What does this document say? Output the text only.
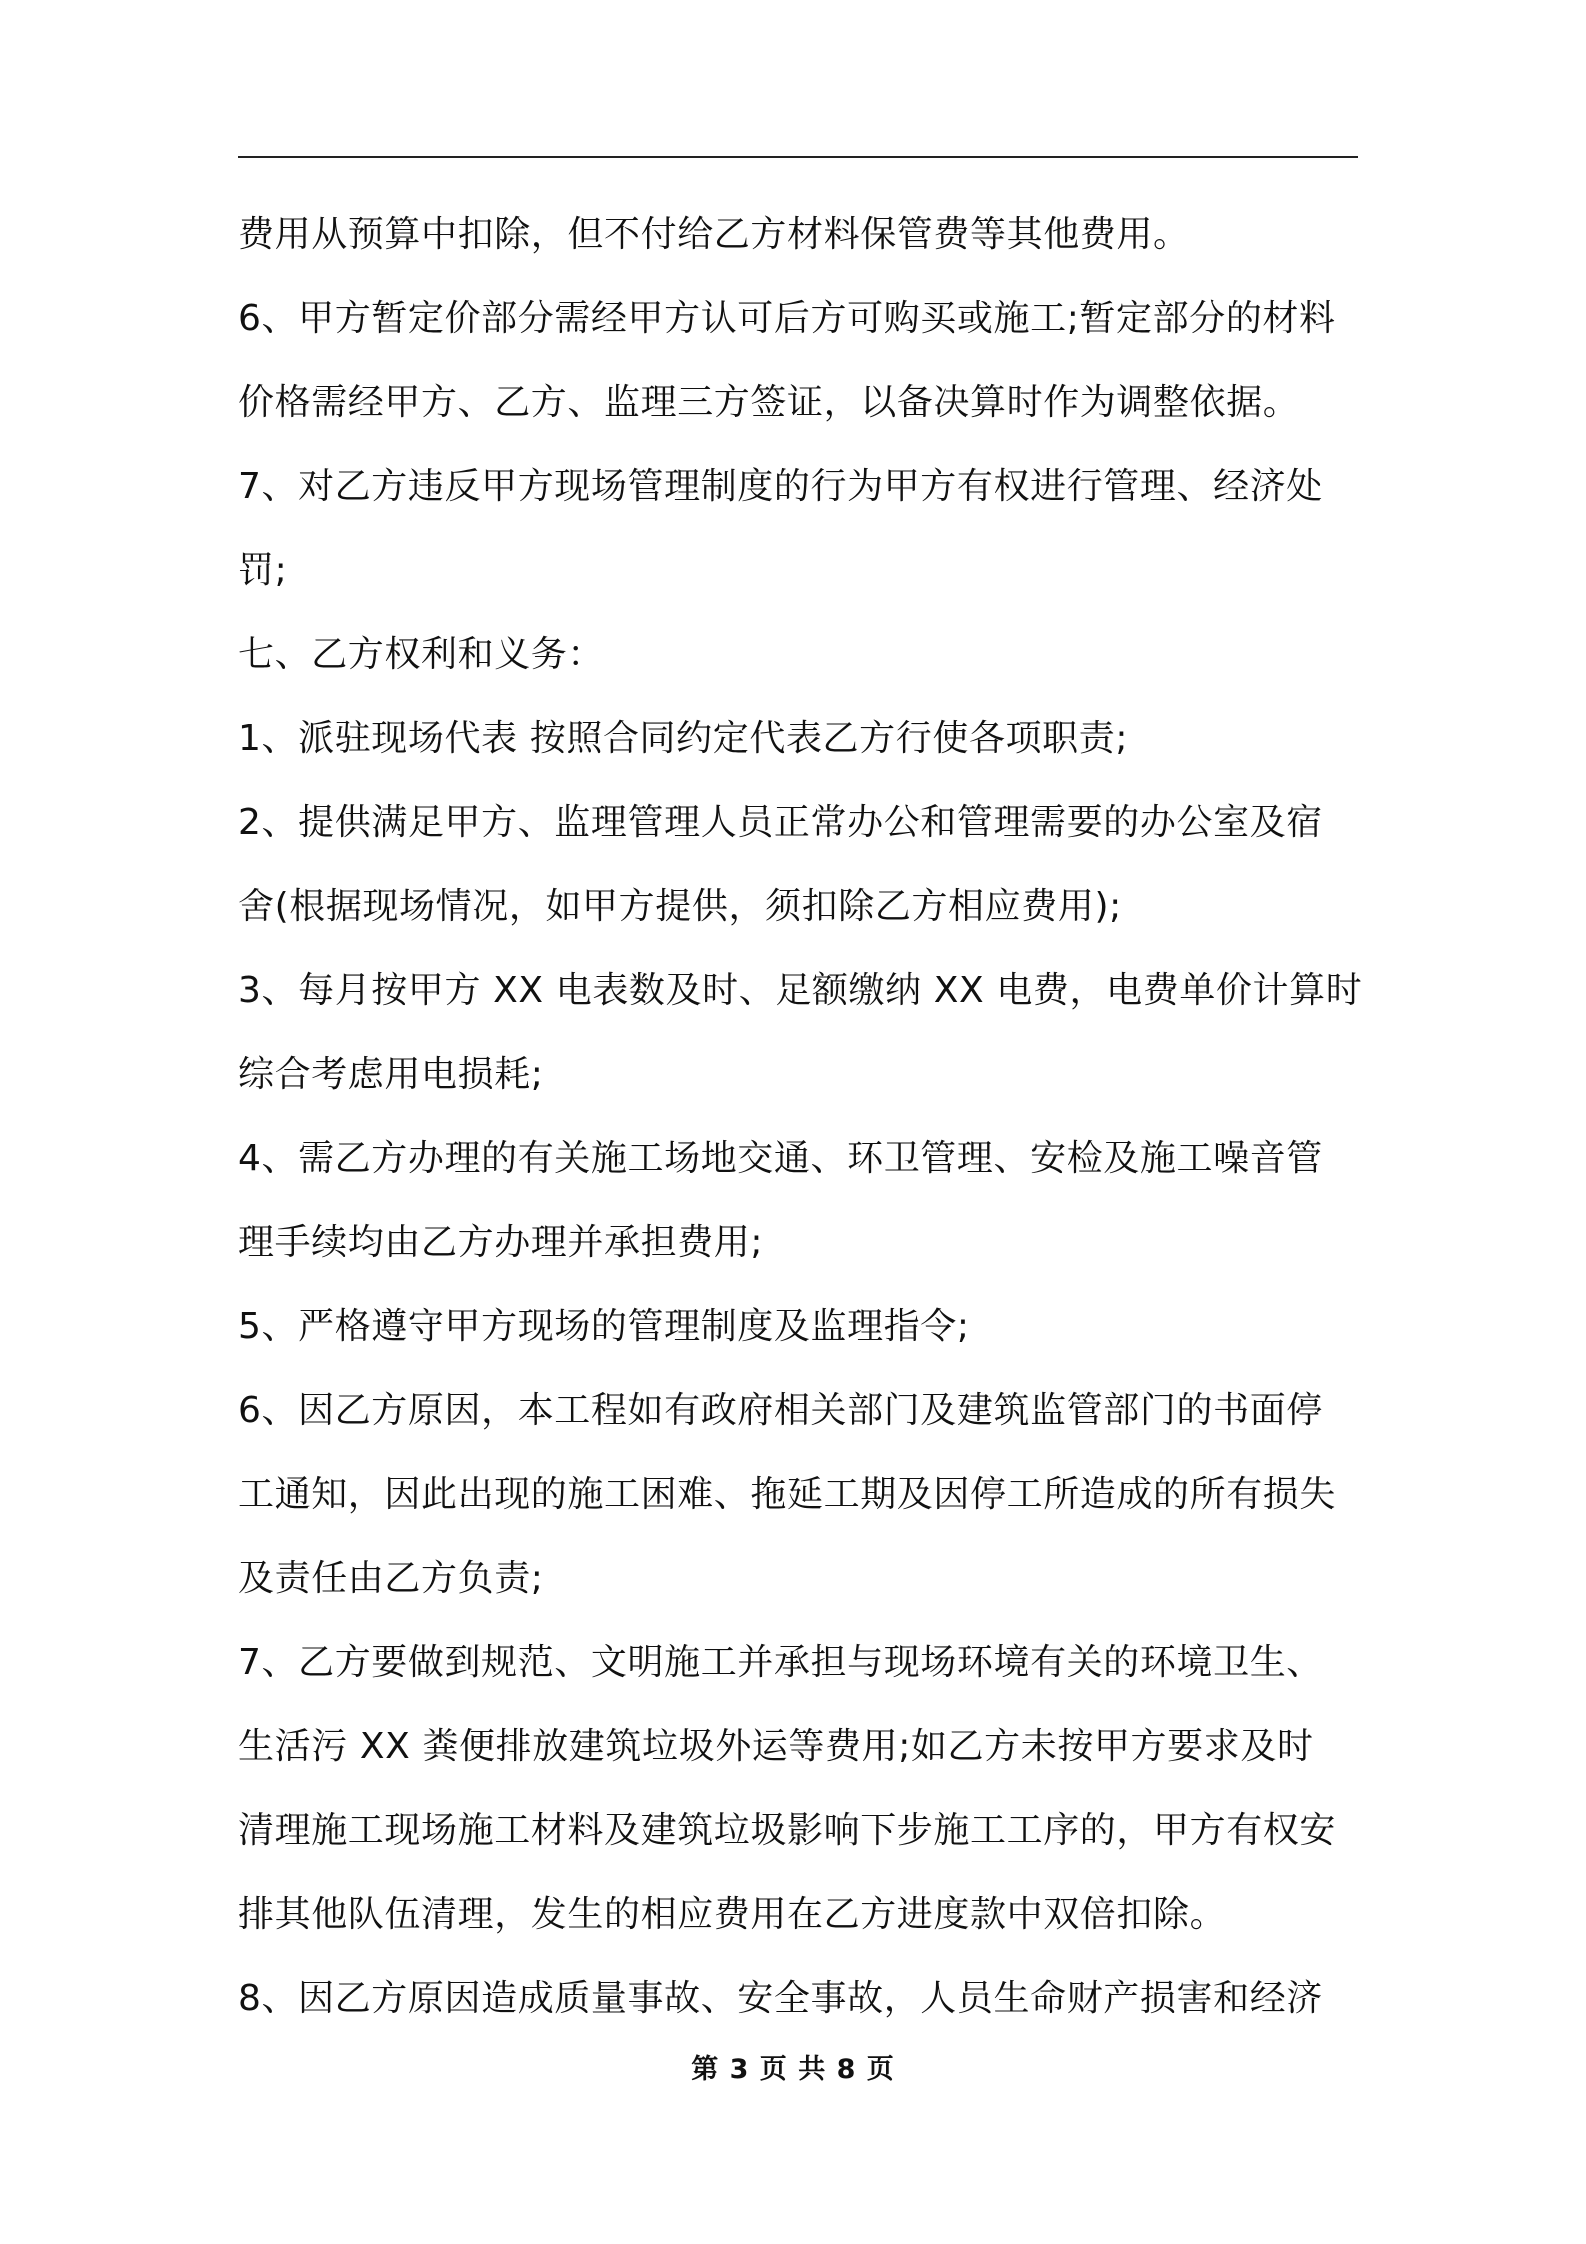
费用从预算中扣除，但不付给乙方材料保管费等其他费用。
6、甲方暂定价部分需经甲方认可后方可购买或施工;暂定部分的材料
价格需经甲方、乙方、监理三方签证，以备决算时作为调整依据。
7、对乙方违反甲方现场管理制度的行为甲方有权进行管理、经济处
罚;
七、乙方权利和义务：
1、派驻现场代表 按照合同约定代表乙方行使各项职责;
2、提供满足甲方、监理管理人员正常办公和管理需要的办公室及宿
舍(根据现场情况，如甲方提供，须扣除乙方相应费用);
3、每月按甲方 XX 电表数及时、足额缴纳 XX 电费，电费单价计算时
综合考虑用电损耗;
4、需乙方办理的有关施工场地交通、环卫管理、安检及施工噪音管
理手续均由乙方办理并承担费用;
5、严格遵守甲方现场的管理制度及监理指令;
6、因乙方原因，本工程如有政府相关部门及建筑监管部门的书面停
工通知，因此出现的施工困难、拖延工期及因停工所造成的所有损失
及责任由乙方负责;
7、乙方要做到规范、文明施工并承担与现场环境有关的环境卫生、
生活污 XX 粪便排放建筑垃圾外运等费用;如乙方未按甲方要求及时
清理施工现场施工材料及建筑垃圾影响下步施工工序的，甲方有权安
排其他队伍清理，发生的相应费用在乙方进度款中双倍扣除。
8、因乙方原因造成质量事故、安全事故，人员生命财产损害和经济
第 3 页 共 8 页
